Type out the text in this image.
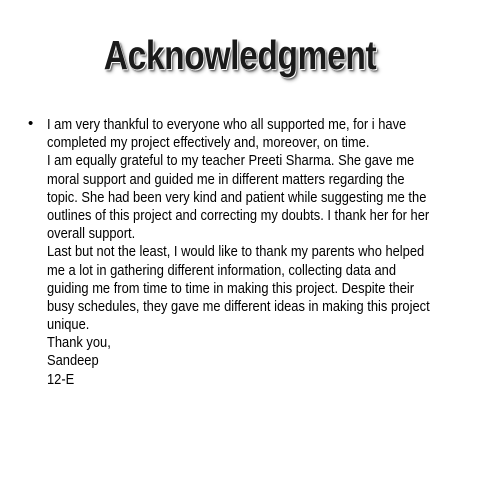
Acknowledgment
• I am very thankful to everyone who all supported me, for i have
completed my project effectively and, moreover, on time.
I am equally grateful to my teacher Preeti Sharma. She gave me
moral support and guided me in different matters regarding the
topic. She had been very kind and patient while suggesting me the
outlines of this project and correcting my doubts. I thank her for her
overall support.
Last but not the least, I would like to thank my parents who helped
me a lot in gathering different information, collecting data and
guiding me from time to time in making this project. Despite their
busy schedules, they gave me different ideas in making this project
unique.
Thank you,
Sandeep
12-E
